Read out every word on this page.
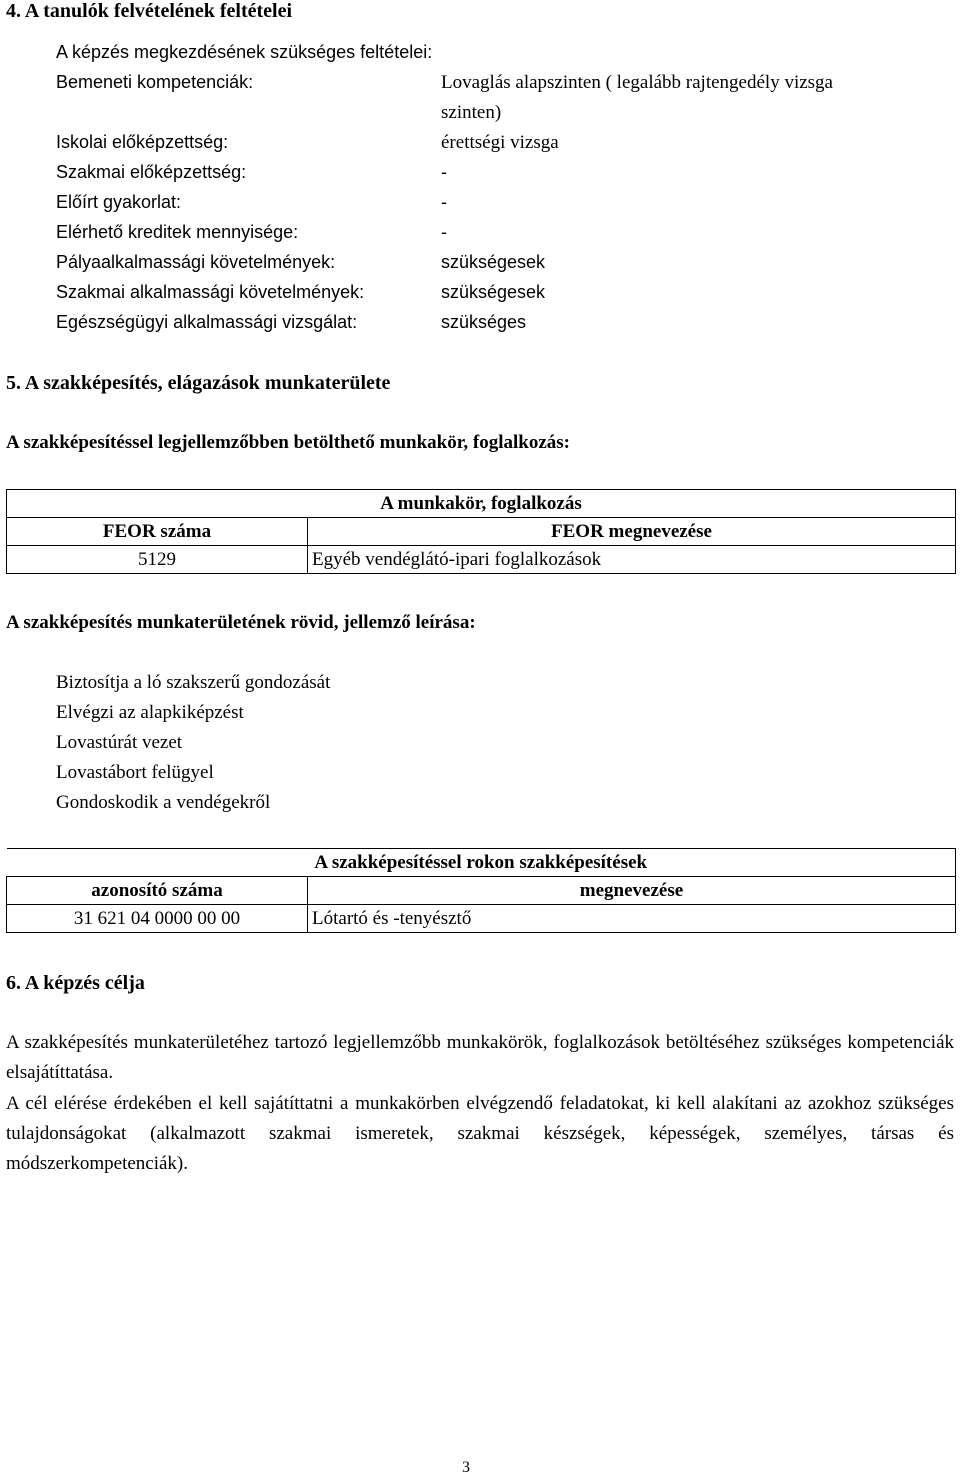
4. A tanulók felvételének feltételei
A képzés megkezdésének szükséges feltételei:
Bemeneti kompetenciák:	Lovaglás alapszinten ( legalább rajtengedély vizsga
szinten)
Iskolai előképzettség:	érettségi vizsga
Szakmai előképzettség:	-
Előírt gyakorlat:	-
Elérhető kreditek mennyisége:	-
Pályaalkalmassági követelmények:	szükségesek
Szakmai alkalmassági követelmények:	szükségesek
Egészségügyi alkalmassági vizsgálat:	szükséges
5. A szakképesítés, elágazások munkaterülete
A szakképesítéssel legjellemzőbben betölthető munkakör, foglalkozás:
A munkakör, foglalkozás	
FEOR száma	FEOR megnevezése
5129	Egyéb vendéglátó-ipari foglalkozások
A szakképesítés munkaterületének rövid, jellemző leírása:
Biztosítja a ló szakszerű gondozását
Elvégzi az alapkiképzést
Lovastúrát vezet
Lovastábort felügyel
Gondoskodik a vendégekről
A szakképesítéssel rokon szakképesítések	
azonosító száma	megnevezése
31 621 04 0000 00 00	Lótartó és -tenyésztő
6. A képzés célja
A szakképesítés munkaterületéhez tartozó legjellemzőbb munkakörök, foglalkozások betöltéséhez szükséges kompetenciák elsajátíttatása.
A cél elérése érdekében el kell sajátíttatni a munkakörben elvégzendő feladatokat, ki kell alakítani az azokhoz szükséges tulajdonságokat (alkalmazott szakmai ismeretek, szakmai készségek, képességek, személyes, társas és módszerkompetenciák).
3
